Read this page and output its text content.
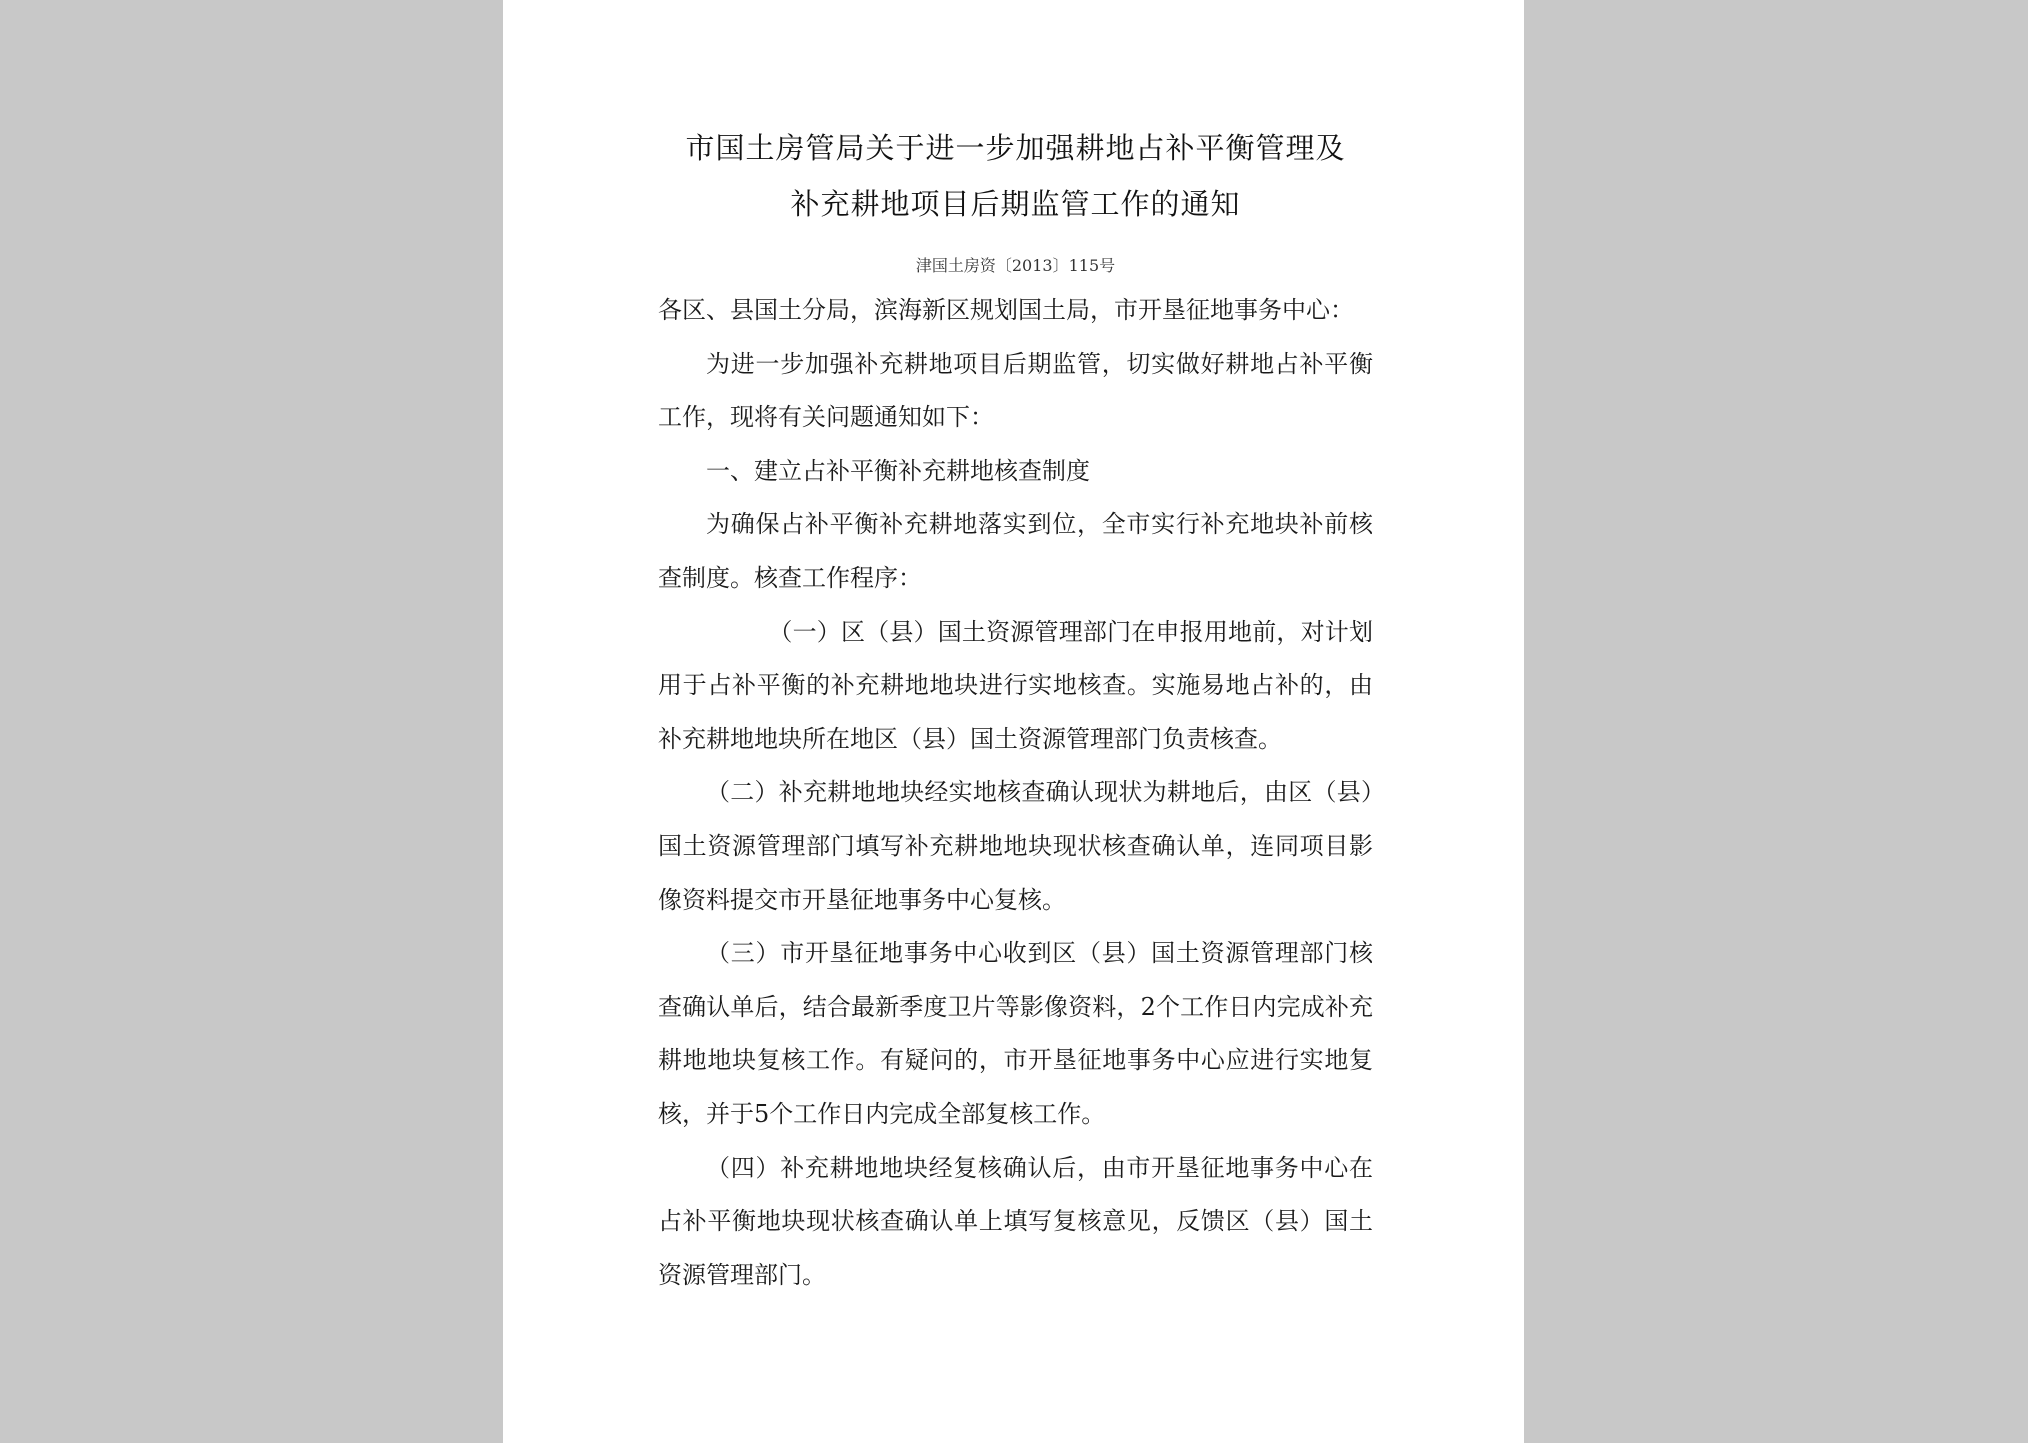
市国土房管局关于进一步加强耕地占补平衡管理及
补充耕地项目后期监管工作的通知
津国土房资〔2013〕115号

各区、县国土分局，滨海新区规划国土局，市开垦征地事务中心：

为进一步加强补充耕地项目后期监管，切实做好耕地占补平衡工作，现将有关问题通知如下：

一、建立占补平衡补充耕地核查制度

为确保占补平衡补充耕地落实到位，全市实行补充地块补前核查制度。核查工作程序：

（一）区（县）国土资源管理部门在申报用地前，对计划用于占补平衡的补充耕地地块进行实地核查。实施易地占补的，由补充耕地地块所在地区（县）国土资源管理部门负责核查。

（二）补充耕地地块经实地核查确认现状为耕地后，由区（县）国土资源管理部门填写补充耕地地块现状核查确认单，连同项目影像资料提交市开垦征地事务中心复核。

（三）市开垦征地事务中心收到区（县）国土资源管理部门核查确认单后，结合最新季度卫片等影像资料，2个工作日内完成补充耕地地块复核工作。有疑问的，市开垦征地事务中心应进行实地复核，并于5个工作日内完成全部复核工作。

（四）补充耕地地块经复核确认后，由市开垦征地事务中心在占补平衡地块现状核查确认单上填写复核意见，反馈区（县）国土资源管理部门。
